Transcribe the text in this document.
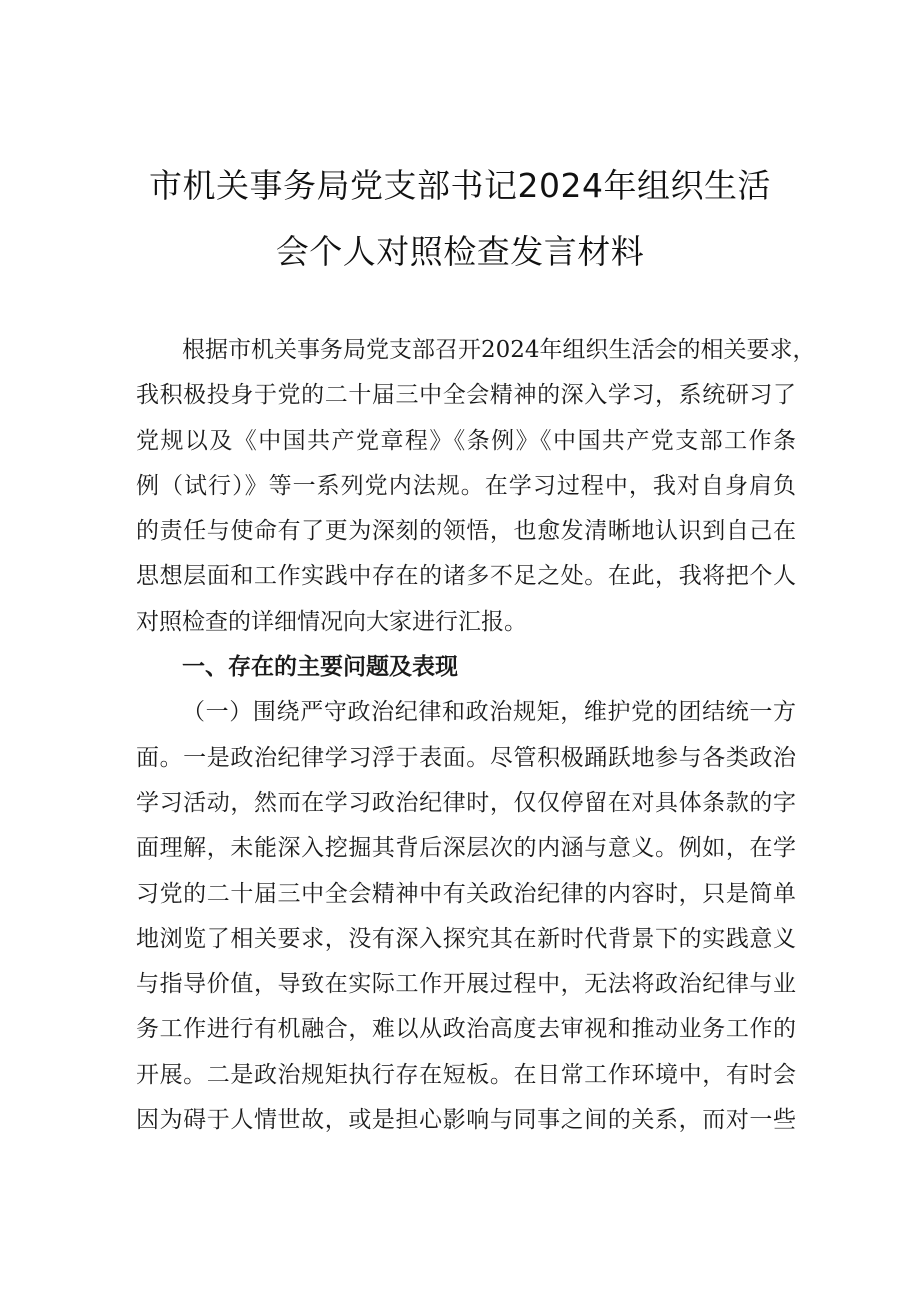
市机关事务局党支部书记2024年组织生活
会个人对照检查发言材料
根据市机关事务局党支部召开2024年组织生活会的相关要求，
我积极投身于党的二十届三中全会精神的深入学习，系统研习了
党规以及《中国共产党章程》《条例》《中国共产党支部工作条
例（试行）》等一系列党内法规。在学习过程中，我对自身肩负
的责任与使命有了更为深刻的领悟，也愈发清晰地认识到自己在
思想层面和工作实践中存在的诸多不足之处。在此，我将把个人
对照检查的详细情况向大家进行汇报。
一、存在的主要问题及表现
（一）围绕严守政治纪律和政治规矩，维护党的团结统一方
面。一是政治纪律学习浮于表面。尽管积极踊跃地参与各类政治
学习活动，然而在学习政治纪律时，仅仅停留在对具体条款的字
面理解，未能深入挖掘其背后深层次的内涵与意义。例如，在学
习党的二十届三中全会精神中有关政治纪律的内容时，只是简单
地浏览了相关要求，没有深入探究其在新时代背景下的实践意义
与指导价值，导致在实际工作开展过程中，无法将政治纪律与业
务工作进行有机融合，难以从政治高度去审视和推动业务工作的
开展。二是政治规矩执行存在短板。在日常工作环境中，有时会
因为碍于人情世故，或是担心影响与同事之间的关系，而对一些
